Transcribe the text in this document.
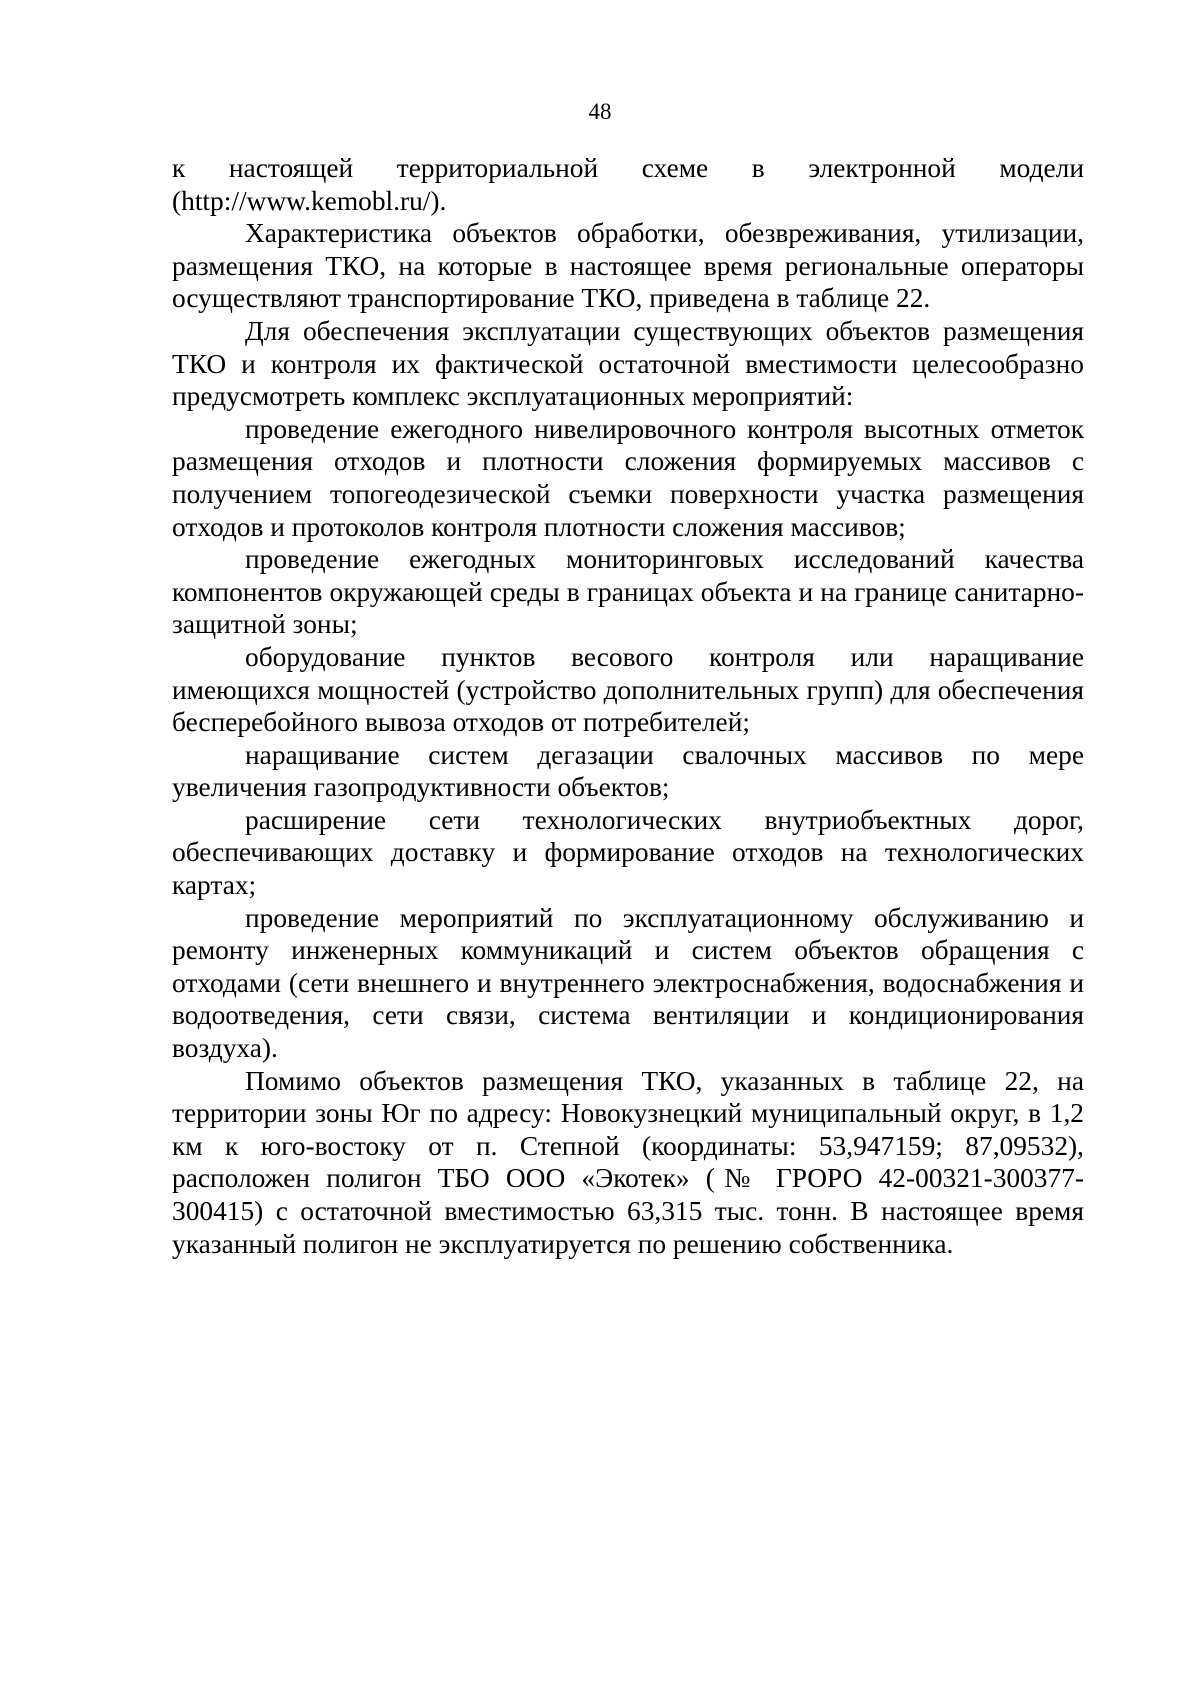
48

к настоящей территориальной схеме в электронной модели (http://www.kemobl.ru/).

Характеристика объектов обработки, обезвреживания, утилизации, размещения ТКО, на которые в настоящее время региональные операторы осуществляют транспортирование ТКО, приведена в таблице 22.

Для обеспечения эксплуатации существующих объектов размещения ТКО и контроля их фактической остаточной вместимости целесообразно предусмотреть комплекс эксплуатационных мероприятий:

проведение ежегодного нивелировочного контроля высотных отметок размещения отходов и плотности сложения формируемых массивов с получением топогеодезической съемки поверхности участка размещения отходов и протоколов контроля плотности сложения массивов;

проведение ежегодных мониторинговых исследований качества компонентов окружающей среды в границах объекта и на границе санитарно-защитной зоны;

оборудование пунктов весового контроля или наращивание имеющихся мощностей (устройство дополнительных групп) для обеспечения бесперебойного вывоза отходов от потребителей;

наращивание систем дегазации свалочных массивов по мере увеличения газопродуктивности объектов;

расширение сети технологических внутриобъектных дорог, обеспечивающих доставку и формирование отходов на технологических картах;

проведение мероприятий по эксплуатационному обслуживанию и ремонту инженерных коммуникаций и систем объектов обращения с отходами (сети внешнего и внутреннего электроснабжения, водоснабжения и водоотведения, сети связи, система вентиляции и кондиционирования воздуха).

Помимо объектов размещения ТКО, указанных в таблице 22, на территории зоны Юг по адресу: Новокузнецкий муниципальный округ, в 1,2 км к юго-востоку от п. Степной (координаты: 53,947159; 87,09532), расположен полигон ТБО ООО «Экотек» (№ ГРОРО 42-00321-300377-300415) с остаточной вместимостью 63,315 тыс. тонн. В настоящее время указанный полигон не эксплуатируется по решению собственника.
